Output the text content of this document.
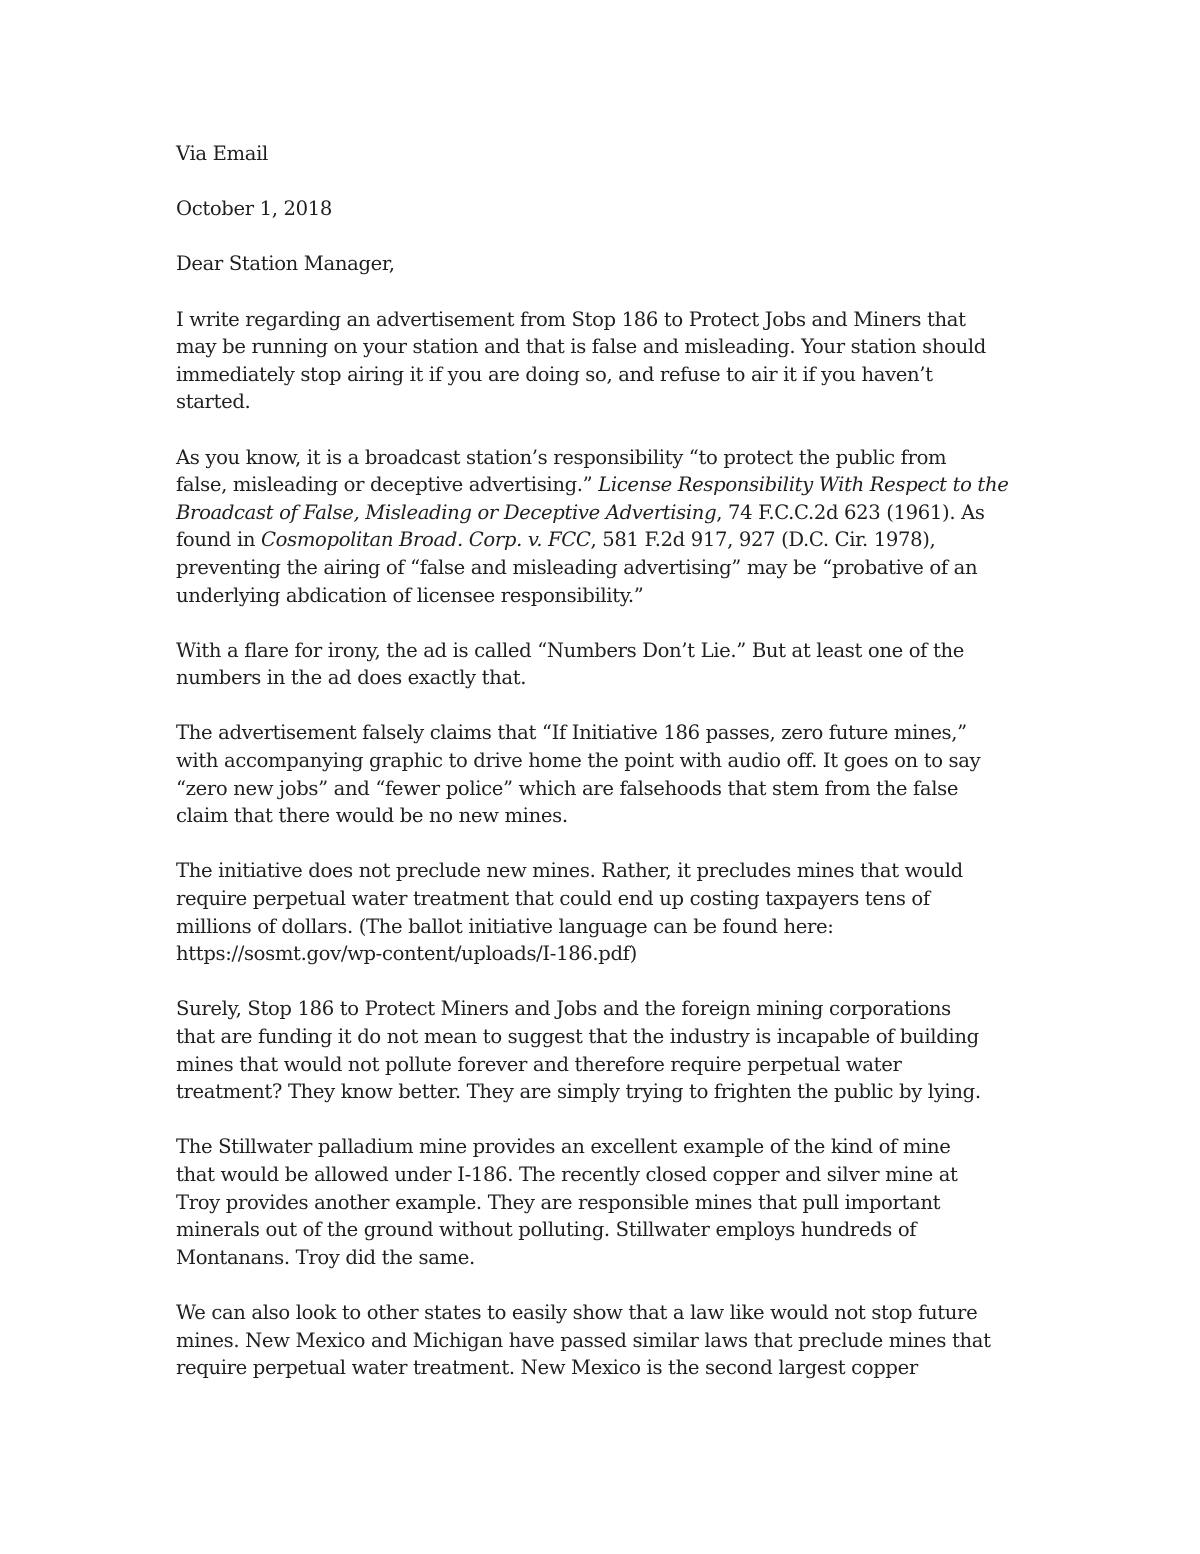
Via Email
October 1, 2018
Dear Station Manager,
I write regarding an advertisement from Stop 186 to Protect Jobs and Miners that
may be running on your station and that is false and misleading. Your station should
immediately stop airing it if you are doing so, and refuse to air it if you haven’t
started.
As you know, it is a broadcast station’s responsibility “to protect the public from
false, misleading or deceptive advertising.” License Responsibility With Respect to the
Broadcast of False, Misleading or Deceptive Advertising, 74 F.C.C.2d 623 (1961). As
found in Cosmopolitan Broad. Corp. v. FCC, 581 F.2d 917, 927 (D.C. Cir. 1978),
preventing the airing of “false and misleading advertising” may be “probative of an
underlying abdication of licensee responsibility.”
With a flare for irony, the ad is called “Numbers Don’t Lie.” But at least one of the
numbers in the ad does exactly that.
The advertisement falsely claims that “If Initiative 186 passes, zero future mines,”
with accompanying graphic to drive home the point with audio off. It goes on to say
“zero new jobs” and “fewer police” which are falsehoods that stem from the false
claim that there would be no new mines.
The initiative does not preclude new mines. Rather, it precludes mines that would
require perpetual water treatment that could end up costing taxpayers tens of
millions of dollars. (The ballot initiative language can be found here:
https://sosmt.gov/wp-content/uploads/I-186.pdf)
Surely, Stop 186 to Protect Miners and Jobs and the foreign mining corporations
that are funding it do not mean to suggest that the industry is incapable of building
mines that would not pollute forever and therefore require perpetual water
treatment? They know better. They are simply trying to frighten the public by lying.
The Stillwater palladium mine provides an excellent example of the kind of mine
that would be allowed under I-186. The recently closed copper and silver mine at
Troy provides another example. They are responsible mines that pull important
minerals out of the ground without polluting. Stillwater employs hundreds of
Montanans. Troy did the same.
We can also look to other states to easily show that a law like would not stop future
mines. New Mexico and Michigan have passed similar laws that preclude mines that
require perpetual water treatment. New Mexico is the second largest copper
